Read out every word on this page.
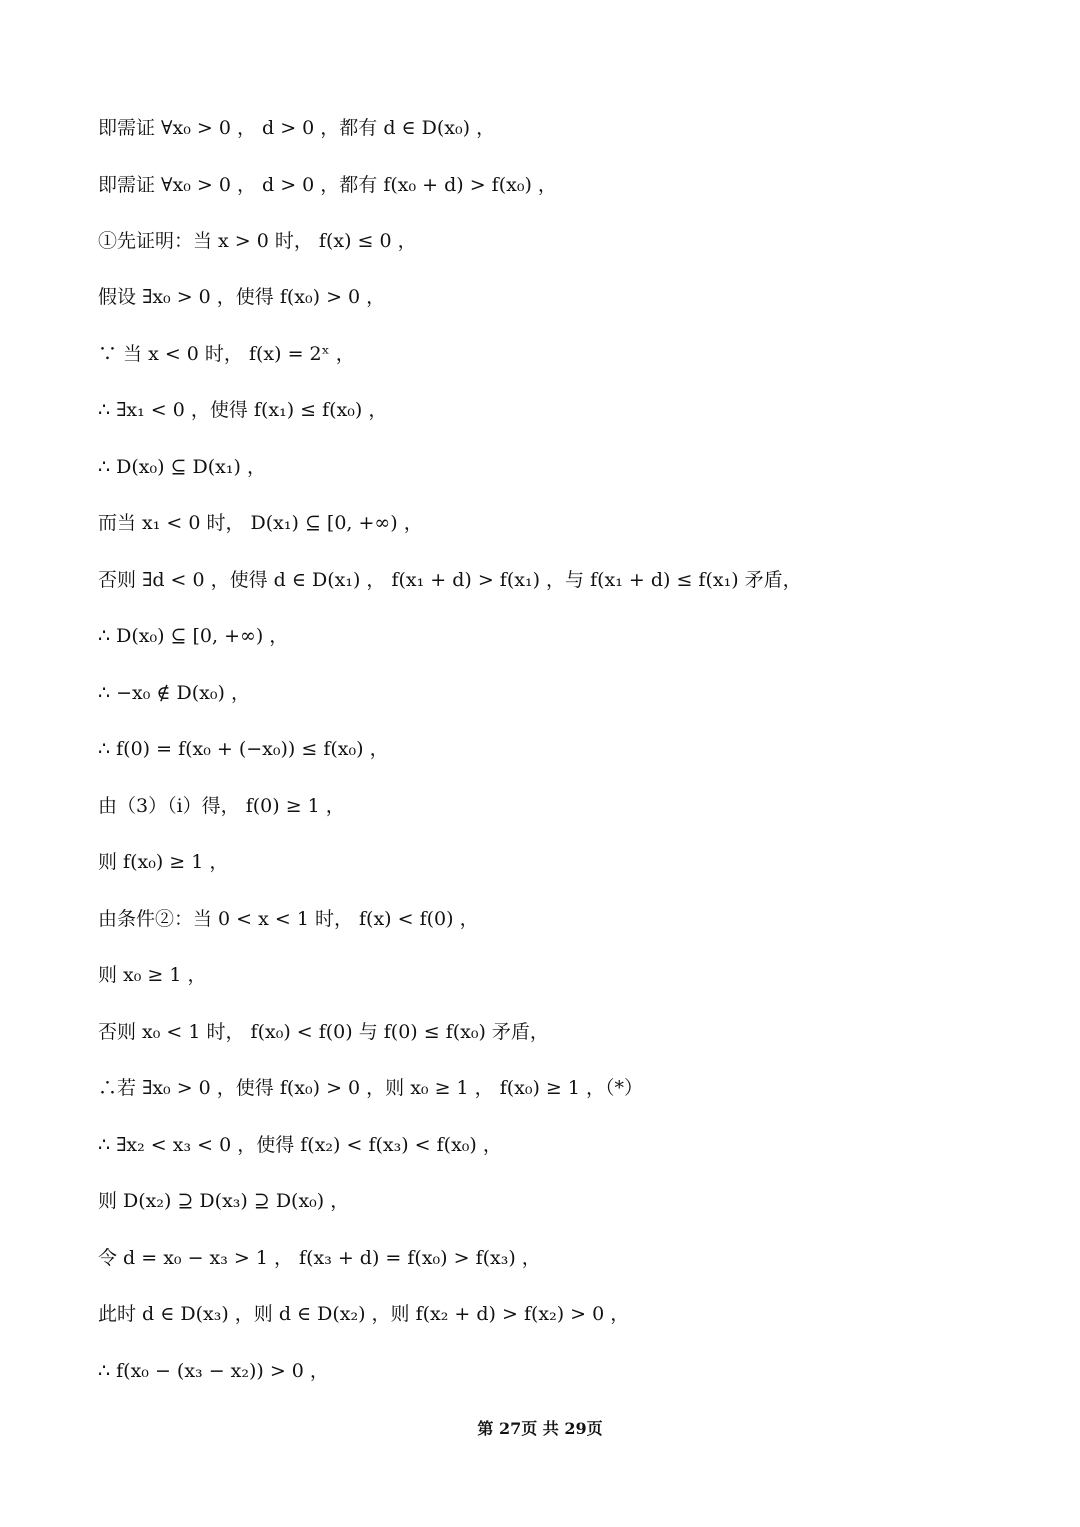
即需证 ∀x₀ > 0 ， d > 0 ，都有 d ∈ D(x₀) ，
即需证 ∀x₀ > 0 ， d > 0 ，都有 f(x₀ + d) > f(x₀) ，
①先证明：当 x > 0 时， f(x) ≤ 0 ，
假设 ∃x₀ > 0 ，使得 f(x₀) > 0 ，
∵ 当 x < 0 时， f(x) = 2ˣ ，
∴ ∃x₁ < 0 ，使得 f(x₁) ≤ f(x₀) ，
∴ D(x₀) ⊆ D(x₁) ，
而当 x₁ < 0 时， D(x₁) ⊆ [0, +∞) ，
否则 ∃d < 0 ，使得 d ∈ D(x₁) ， f(x₁ + d) > f(x₁) ，与 f(x₁ + d) ≤ f(x₁) 矛盾，
∴ D(x₀) ⊆ [0, +∞) ，
∴ −x₀ ∉ D(x₀) ，
∴ f(0) = f(x₀ + (−x₀)) ≤ f(x₀) ，
由（3）（i）得， f(0) ≥ 1 ，
则 f(x₀) ≥ 1 ，
由条件②：当 0 < x < 1 时， f(x) < f(0) ，
则 x₀ ≥ 1 ，
否则 x₀ < 1 时， f(x₀) < f(0) 与 f(0) ≤ f(x₀) 矛盾，
∴若 ∃x₀ > 0 ，使得 f(x₀) > 0 ，则 x₀ ≥ 1 ， f(x₀) ≥ 1 ，（*）
∴ ∃x₂ < x₃ < 0 ，使得 f(x₂) < f(x₃) < f(x₀) ，
则 D(x₂) ⊇ D(x₃) ⊇ D(x₀) ，
令 d = x₀ − x₃ > 1 ， f(x₃ + d) = f(x₀) > f(x₃) ，
此时 d ∈ D(x₃) ，则 d ∈ D(x₂) ，则 f(x₂ + d) > f(x₂) > 0 ，
∴ f(x₀ − (x₃ − x₂)) > 0 ，
第 27页 共 29页
